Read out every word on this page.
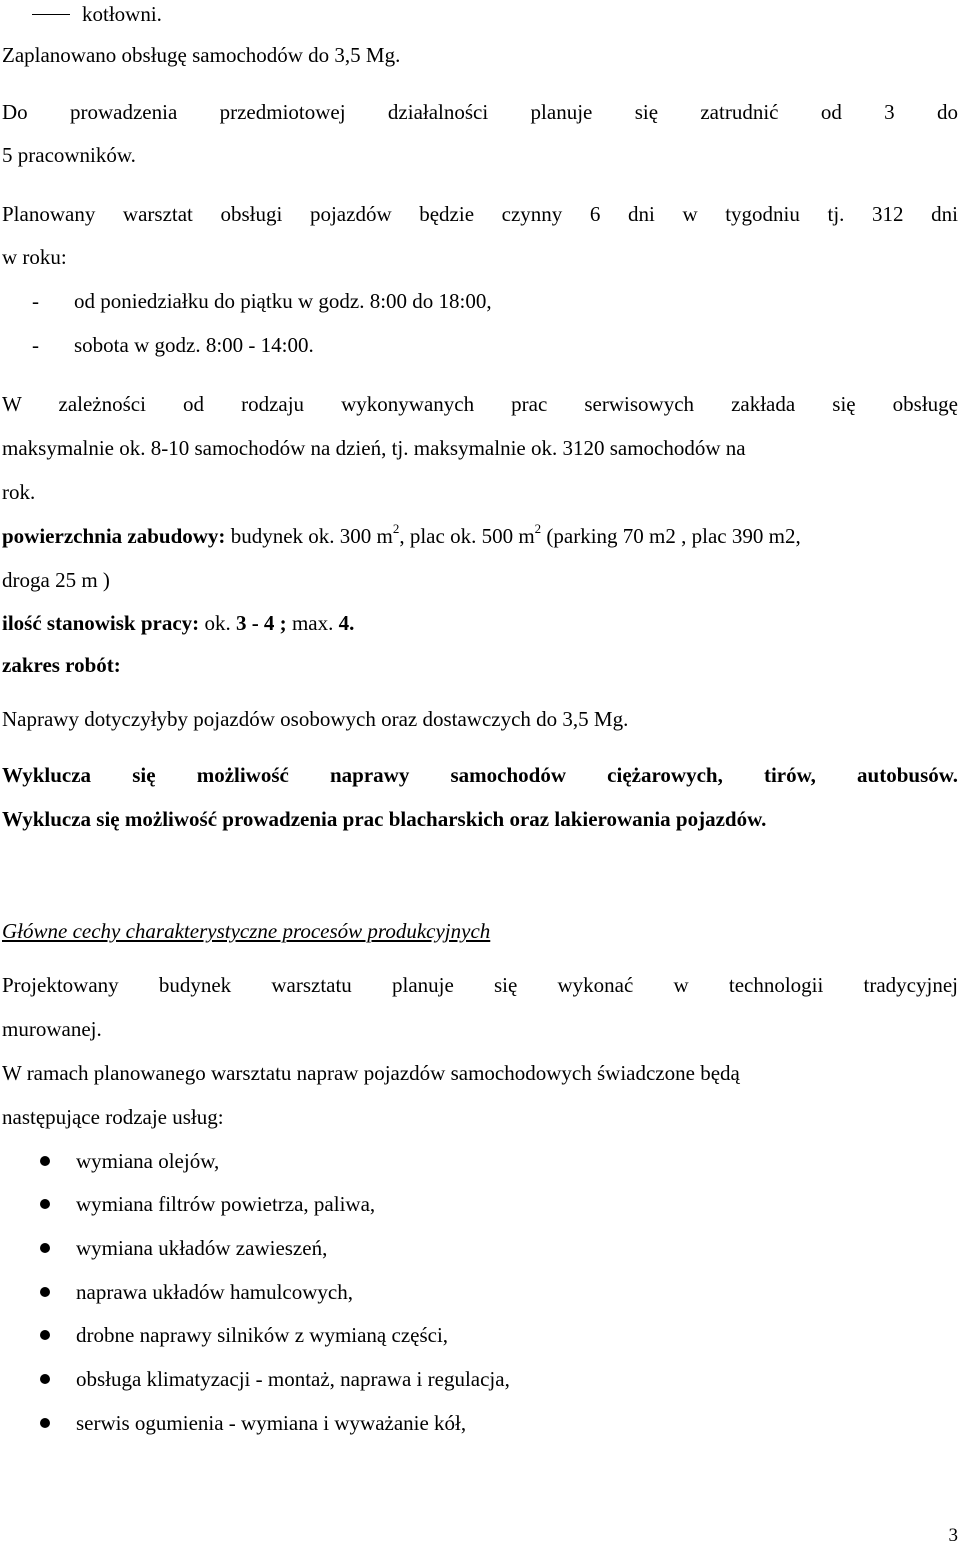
kotłowni.
Zaplanowano obsługę samochodów do 3,5 Mg.
Do prowadzenia przedmiotowej działalności planuje się zatrudnić od 3 do
5 pracowników.
Planowany warsztat obsługi pojazdów będzie czynny 6 dni w tygodniu tj. 312 dni
w roku:
- od poniedziałku do piątku w godz. 8:00 do 18:00,
- sobota w godz. 8:00 - 14:00.
W zależności od rodzaju wykonywanych prac serwisowych zakłada się obsługę
maksymalnie ok. 8-10 samochodów na dzień, tj. maksymalnie ok. 3120 samochodów na
rok.
powierzchnia zabudowy: budynek ok. 300 $m^2$, plac ok. 500 $m^2$ (parking 70 m2 , plac 390 m2,
droga 25 m )
ilość stanowisk pracy: ok. 3 - 4 ; max. 4.
zakres robót:
Naprawy dotyczyłyby pojazdów osobowych oraz dostawczych do 3,5 Mg.
Wyklucza się możliwość naprawy samochodów ciężarowych, tirów, autobusów.
Wyklucza się możliwość prowadzenia prac blacharskich oraz lakierowania pojazdów.
Główne cechy charakterystyczne procesów produkcyjnych
Projektowany budynek warsztatu planuje się wykonać w technologii tradycyjnej
murowanej.
W ramach planowanego warsztatu napraw pojazdów samochodowych świadczone będą
następujące rodzaje usług:
wymiana olejów,
wymiana filtrów powietrza, paliwa,
wymiana układów zawieszeń,
naprawa układów hamulcowych,
drobne naprawy silników z wymianą części,
obsługa klimatyzacji - montaż, naprawa i regulacja,
serwis ogumienia - wymiana i wyważanie kół,
3
